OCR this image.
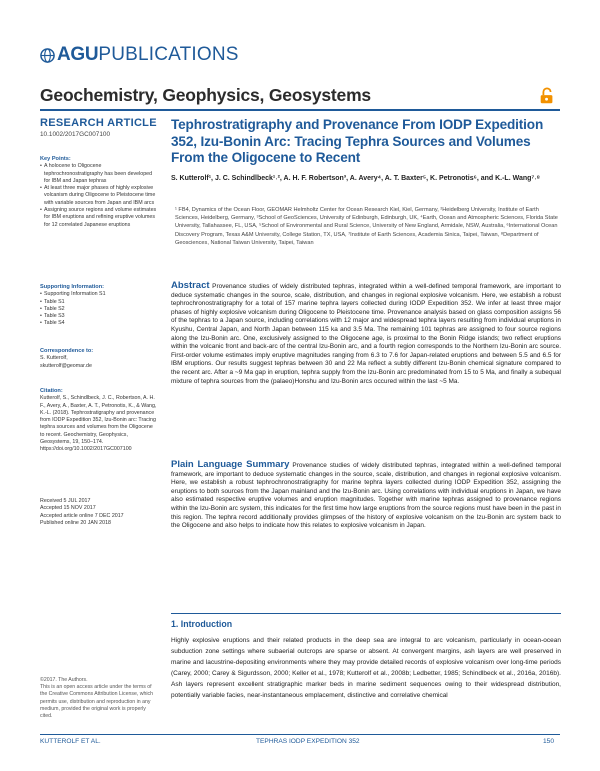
AGU PUBLICATIONS
Geochemistry, Geophysics, Geosystems
RESEARCH ARTICLE
10.1002/2017GC007100
Key Points:
• A holocene to Oligocene tephrochronostratigraphy has been developed for IBM and Japan tephras
• At least three major phases of highly explosive volcanism during Oligocene to Pleistocene time with variable sources from Japan and IBM arcs
• Assigning source regions and volume estimates for IBM eruptions and refining eruptive volumes for 12 correlated Japanese eruptions
Supporting Information:
• Supporting Information S1
• Table S1
• Table S2
• Table S3
• Table S4
Correspondence to:
S. Kutterolf,
skutterolf@geomar.de
Citation:
Kutterolf, S., Schindlbeck, J. C., Robertson, A. H. F., Avery, A., Baxter, A. T., Petronotis, K., & Wang, K.-L. (2018). Tephrostratigraphy and provenance from IODP Expedition 352, Izu-Bonin arc: Tracing tephra sources and volumes from the Oligocene to recent. Geochemistry, Geophysics, Geosystems, 19, 150–174. https://doi.org/10.1002/2017GC007100
Received 5 JUL 2017
Accepted 15 NOV 2017
Accepted article online 7 DEC 2017
Published online 20 JAN 2018
©2017. The Authors.
This is an open access article under the terms of the Creative Commons Attribution License, which permits use, distribution and reproduction in any medium, provided the original work is properly cited.
Tephrostratigraphy and Provenance From IODP Expedition 352, Izu-Bonin Arc: Tracing Tephra Sources and Volumes From the Oligocene to Recent
S. Kutterolf¹, J. C. Schindlbeck¹˒², A. H. F. Robertson³, A. Avery⁴, A. T. Baxter⁵, K. Petronotis⁶, and K.-L. Wang⁷˒⁸
¹ FB4, Dynamics of the Ocean Floor, GEOMAR Helmholtz Center for Ocean Research Kiel, Kiel, Germany, ²Heidelberg University, Institute of Earth Sciences, Heidelberg, Germany, ³School of GeoSciences, University of Edinburgh, Edinburgh, UK, ⁴Earth, Ocean and Atmospheric Sciences, Florida State University, Tallahassee, FL, USA, ⁵School of Environmental and Rural Science, University of New England, Armidale, NSW, Australia, ⁶International Ocean Discovery Program, Texas A&M University, College Station, TX, USA, ⁷Institute of Earth Sciences, Academia Sinica, Taipei, Taiwan, ⁸Department of Geosciences, National Taiwan University, Taipei, Taiwan
Abstract Provenance studies of widely distributed tephras, integrated within a well-defined temporal framework, are important to deduce systematic changes in the source, scale, distribution, and changes in regional explosive volcanism. Here, we establish a robust tephrochronostratigraphy for a total of 157 marine tephra layers collected during IODP Expedition 352. We infer at least three major phases of highly explosive volcanism during Oligocene to Pleistocene time. Provenance analysis based on glass composition assigns 56 of the tephras to a Japan source, including correlations with 12 major and widespread tephra layers resulting from individual eruptions in Kyushu, Central Japan, and North Japan between 115 ka and 3.5 Ma. The remaining 101 tephras are assigned to four source regions along the Izu-Bonin arc. One, exclusively assigned to the Oligocene age, is proximal to the Bonin Ridge islands; two reflect eruptions within the volcanic front and back-arc of the central Izu-Bonin arc, and a fourth region corresponds to the Northern Izu-Bonin arc source. First-order volume estimates imply eruptive magnitudes ranging from 6.3 to 7.6 for Japan-related eruptions and between 5.5 and 6.5 for IBM eruptions. Our results suggest tephras between 30 and 22 Ma reflect a subtly different Izu-Bonin chemical signature compared to the recent arc. After a ~9 Ma gap in eruption, tephra supply from the Izu-Bonin arc predominated from 15 to 5 Ma, and finally a subequal mixture of tephra sources from the (palaeo)Honshu and Izu-Bonin arcs occured within the last ~5 Ma.
Plain Language Summary Provenance studies of widely distributed tephras, integrated within a well-defined temporal framework, are important to deduce systematic changes in the source, scale, distribution, and changes in regional explosive volcanism. Here, we establish a robust tephrochronostratigraphy for marine tephra layers collected during IODP Expedition 352, assigning the eruptions to both sources from the Japan mainland and the Izu-Bonin arc. Using correlations with individual eruptions in Japan, we have also estimated respective eruptive volumes and eruption magnitudes. Together with marine tephras assigned to provenance regions within the Izu-Bonin arc system, this indicates for the first time how large eruptions from the source regions must have been in the past in this region. The tephra record additionally provides glimpses of the history of explosive volcanism on the Izu-Bonin arc system back to the Oligocene and also helps to indicate how this relates to explosive volcanism in Japan.
1. Introduction
Highly explosive eruptions and their related products in the deep sea are integral to arc volcanism, particularly in ocean-ocean subduction zone settings where subaerial outcrops are sparse or absent. At convergent margins, ash layers are well preserved in marine and lacustrine-depositing environments where they may provide detailed records of explosive volcanism over long-time periods (Carey, 2000; Carey & Sigurdsson, 2000; Keller et al., 1978; Kutterolf et al., 2008b; Ledbetter, 1985; Schindlbeck et al., 2016a, 2016b). Ash layers represent excellent stratigraphic marker beds in marine sediment sequences owing to their widespread distribution, potentially variable facies, near-instantaneous emplacement, distinctive and correlative chemical
KUTTEROLF ET AL.	TEPHRAS IODP EXPEDITION 352	150
